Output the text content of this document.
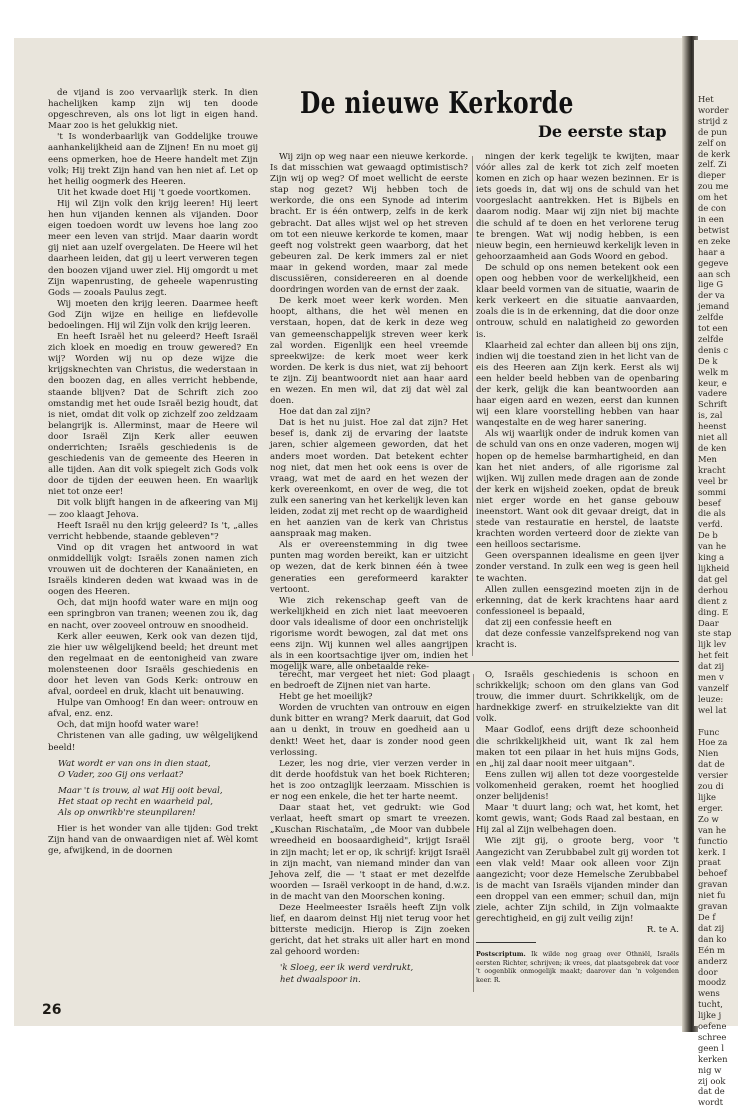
Het
worder
strijd z
de pun
zelf on
de kerk
zelf. Zi
dieper
zou me
om het
de con
in een
betwist
en zeke
haar a
gegeve
aan sch
lige G
der va
jemand
zelfde
tot een
zelfde
denis c
De k
welk m
keur, e
vadere
Schrift
is, zal
heenst
niet all
de ken
Men
kracht
veel br
sommi
besef
die als
verfd.
De b
van he
king a
lijkheid
dat gel
derhou
dient z
ding. E
Daar
ste stap
lijk lev
het feit
dat zij
men v
vanzelf
leuze:
wel lat

Func
Hoe za
Nien
dat de
versier
zou di
lijke
erger.
Zo w
van he
functio
kerk. I
praat
behoef
gravan
niet fu
gravan
De f
dat zij
dan ko
Eén m
anderz
door
moodz
wens
tucht,
lijke j
oefene
schree
geen l
kerken
nig w
zij ook
dat de
wordt
De nieuwe Kerkorde
De eerste stap

de vijand is zoo vervaarlijk sterk. In dien hachelijken kamp zijn wij ten doode opgeschreven, als ons lot ligt in eigen hand. Maar zoo is het gelukkig niet.

't Is wonderbaarlijk van Goddelijke trouwe aanhankelijkheid aan de Zijnen! En nu moet gij eens opmerken, hoe de Heere handelt met Zijn volk; Hij trekt Zijn hand van hen niet af. Let op het heilig oogmerk des Heeren.

Uit het kwade doet Hij 't goede voortkomen.

Hij wil Zijn volk den krijg leeren! Hij leert hen hun vijanden kennen als vijanden. Door eigen toedoen wordt uw levens hoe lang zoo meer een leven van strijd. Maar daarin wordt gij niet aan uzelf overgelaten. De Heere wil het daarheen leiden, dat gij u leert verweren tegen den boozen vijand uwer ziel. Hij omgordt u met Zijn wapenrusting, de geheele wapenrusting Gods — zooals Paulus zegt.

Wij moeten den krijg leeren. Daarmee heeft God Zijn wijze en heilige en liefdevolle bedoelingen. Hij wil Zijn volk den krijg leeren.

En heeft Israël het nu geleerd? Heeft Israël zich kloek en moedig en trouw gewered? En wij? Worden wij nu op deze wijze die krijgsknechten van Christus, die wederstaan in den boozen dag, en alles verricht hebbende, staande blijven? Dat de Schrift zich zoo omstandig met het oude Israël bezig houdt, dat is niet, omdat dit volk op zichzelf zoo zeldzaam belangrijk is. Allerminst, maar de Heere wil door Israël Zijn Kerk aller eeuwen onderrichten; Israëls geschiedenis is de geschiedenis van de gemeente des Heeren in alle tijden. Aan dit volk spiegelt zich Gods volk door de tijden der eeuwen heen. En waarlijk niet tot onze eer!

Dit volk blijft hangen in de afkeering van Mij — zoo klaagt Jehova.

Heeft Israël nu den krijg geleerd? Is 't, „alles verricht hebbende, staande gebleven"?

Vind op dit vragen het antwoord in wat onmiddellijk volgt: Israëls zonen namen zich vrouwen uit de dochteren der Kanaänieten, en Israëls kinderen deden wat kwaad was in de oogen des Heeren.

Och, dat mijn hoofd water ware en mijn oog een springbron van tranen; weenen zou ik, dag en nacht, over zooveel ontrouw en snoodheid.

Kerk aller eeuwen, Kerk ook van dezen tijd, zie hier uw wêlgelijkend beeld; het dreunt met den regelmaat en de eentonigheid van zware molensteenen door Israëls geschiedenis en door het leven van Gods Kerk: ontrouw en afval, oordeel en druk, klacht uit benauwing.

Hulpe van Omhoog! En dan weer: ontrouw en afval, enz. enz.

Och, dat mijn hoofd water ware!

Christenen van alle gading, uw wêlgelijkend beeld!

Wat wordt er van ons in dien staat,

O Vader, zoo Gij ons verlaat?

Maar 't is trouw, al wat Hij ooit beval,

Het staat op recht en waarheid pal,

Als op onwrikb're steunpilaren!

Hier is het wonder van alle tijden: God trekt Zijn hand van de onwaardigen niet af. Wèl komt ge, afwijkend, in de doornen

Wij zijn op weg naar een nieuwe kerkorde. Is dat misschien wat gewaagd optimistisch? Zijn wij op weg? Of moet wellicht de eerste stap nog gezet? Wij hebben toch de werkorde, die ons een Synode ad interim bracht. Er is één ontwerp, zelfs in de kerk gebracht. Dat alles wijst wel op het streven om tot een nieuwe kerkorde te komen, maar geeft nog volstrekt geen waarborg, dat het gebeuren zal. De kerk immers zal er niet maar in gekend worden, maar zal mede discussiëren, considereeren en al doende doordringen worden van de ernst der zaak.

De kerk moet weer kerk worden. Men hoopt, althans, die het wèl menen en verstaan, hopen, dat de kerk in deze weg van gemeenschappelijk streven weer kerk zal worden. Eigenlijk een heel vreemde spreekwijze: de kerk moet weer kerk worden. De kerk is dus niet, wat zij behoort te zijn. Zij beantwoordt niet aan haar aard en wezen. En men wil, dat zij dat wèl zal doen.

Hoe dat dan zal zijn?

Dat is het nu juist. Hoe zal dat zijn? Het besef is, dank zij de ervaring der laatste jaren, schier algemeen geworden, dat het anders moet worden. Dat betekent echter nog niet, dat men het ook eens is over de vraag, wat met de aard en het wezen der kerk overeenkomt, en over de weg, die tot zulk een sanering van het kerkelijk leven kan leiden, zodat zij met recht op de waardigheid en het aanzien van de kerk van Christus aanspraak mag maken.

Als er overeenstemming in dig twee punten mag worden bereikt, kan er uitzicht op wezen, dat de kerk binnen één à twee generaties een gereformeerd karakter vertoont.

Wie zich rekenschap geeft van de werkelijkheid en zich niet laat meevoeren door vals idealisme of door een onchristelijk rigorisme wordt bewogen, zal dat met ons eens zijn. Wij kunnen wel alles aangrijpen als in een koortsachtige ijver om, indien het mogelijk ware, alle onbetaalde reke-

ningen der kerk tegelijk te kwijten, maar vóór alles zal de kerk tot zich zelf moeten komen en zich op haar wezen bezinnen. Er is iets goeds in, dat wij ons de schuld van het voorgeslacht aantrekken. Het is Bijbels en daarom nodig. Maar wij zijn niet bij machte die schuld af te doen en het verlorene terug te brengen. Wat wij nodig hebben, is een nieuw begin, een hernieuwd kerkelijk leven in gehoorzaamheid aan Gods Woord en gebod.

De schuld op ons nemen betekent ook een open oog hebben voor de werkelijkheid, een klaar beeld vormen van de situatie, waarin de kerk verkeert en die situatie aanvaarden, zoals die is in de erkenning, dat die door onze ontrouw, schuld en nalatigheid zo geworden is.

Klaarheid zal echter dan alleen bij ons zijn, indien wij die toestand zien in het licht van de eis des Heeren aan Zijn kerk. Eerst als wij een helder beeld hebben van de openbaring der kerk, gelijk die kan beantwoorden aan haar eigen aard en wezen, eerst dan kunnen wij een klare voorstelling hebben van haar wanqestalte en de weg harer sanering.

Als wij waarlijk onder de indruk komen van de schuld van ons en onze vaderen, mogen wij hopen op de hemelse barmhartigheid, en dan kan het niet anders, of alle rigorisme zal wijken. Wij zullen mede dragen aan de zonde der kerk en wijsheid zoeken, opdat de breuk niet erger worde en het ganse gebouw ineenstort. Want ook dit gevaar dreigt, dat in stede van restauratie en herstel, de laatste krachten worden verteerd door de ziekte van een heilloos sectarisme.

Geen overspannen idealisme en geen ijver zonder verstand. In zulk een weg is geen heil te wachten.

Allen zullen eensgezind moeten zijn in de erkenning, dat de kerk krachtens haar aard confessioneel is bepaald,

dat zij een confessie heeft en

dat deze confessie vanzelfsprekend nog van kracht is.

terecht, mar vergeet het niet: God plaagt en bedroeft de Zijnen niet van harte.

Hebt ge het moeilijk?

Worden de vruchten van ontrouw en eigen dunk bitter en wrang? Merk daaruit, dat God aan u denkt, in trouw en goedheid aan u denkt! Weet het, daar is zonder nood geen verlossing.

Lezer, les nog drie, vier verzen verder in dit derde hoofdstuk van het boek Richteren; het is zoo ontzaglijk leerzaam. Misschien is er nog een enkele, die het ter harte neemt.

Daar staat het, vet gedrukt: wie God verlaat, heeft smart op smart te vreezen. „Kuschan Rischataïm, „de Moor van dubbele wreedheid en boosaardigheid", krijgt Israël in zijn macht; let er op, ik schrijf: krijgt Israël in zijn macht, van niemand minder dan van Jehova zelf, die — 't staat er met dezelfde woorden — Israël verkoopt in de hand, d.w.z. in de macht van den Moorschen koning.

Deze Heelmeester Israëls heeft Zijn volk lief, en daarom deinst Hij niet terug voor het bitterste medicijn. Hierop is Zijn zoeken gericht, dat het straks uit aller hart en mond zal gehoord worden:

'k Sloeg, eer ik werd verdrukt,

het dwaalspoor in.

O, Israëls geschiedenis is schoon en schrikkelijk; schoon om den glans van God trouw, die immer duurt. Schrikkelijk, om de hardnekkige zwerf- en struikelziekte van dit volk.

Maar Godlof, eens drijft deze schoonheid die schrikkelijkheid uit, want Ik zal hem maken tot een pilaar in het huis mijns Gods, en „hij zal daar nooit meer uitgaan".

Eens zullen wij allen tot deze voorgestelde volkomenheid geraken, roemt het hooglied onzer belijdenis!

Maar 't duurt lang; och wat, het komt, het komt gewis, want; Gods Raad zal bestaan, en Hij zal al Zijn welbehagen doen.

Wie zijt gij, o groote berg, voor 't Aangezicht van Zerubbabel zult gij worden tot een vlak veld! Maar ook alleen voor Zijn aangezicht; voor deze Hemelsche Zerubbabel is de macht van Israëls vijanden minder dan een droppel van een emmer; schuil dan, mijn ziele, achter Zijn schild, in Zijn volmaakte gerechtigheid, en gij zult veilig zijn!

R. te A.

Postscriptum. Ik wilde nog graag over Othniël, Israëls eersten Richter, schrijven; ik vrees, dat plaatsgebrek dat voor 't oogenblik onmogelijk maakt; daarover dan 'n volgenden keer. R.
26
